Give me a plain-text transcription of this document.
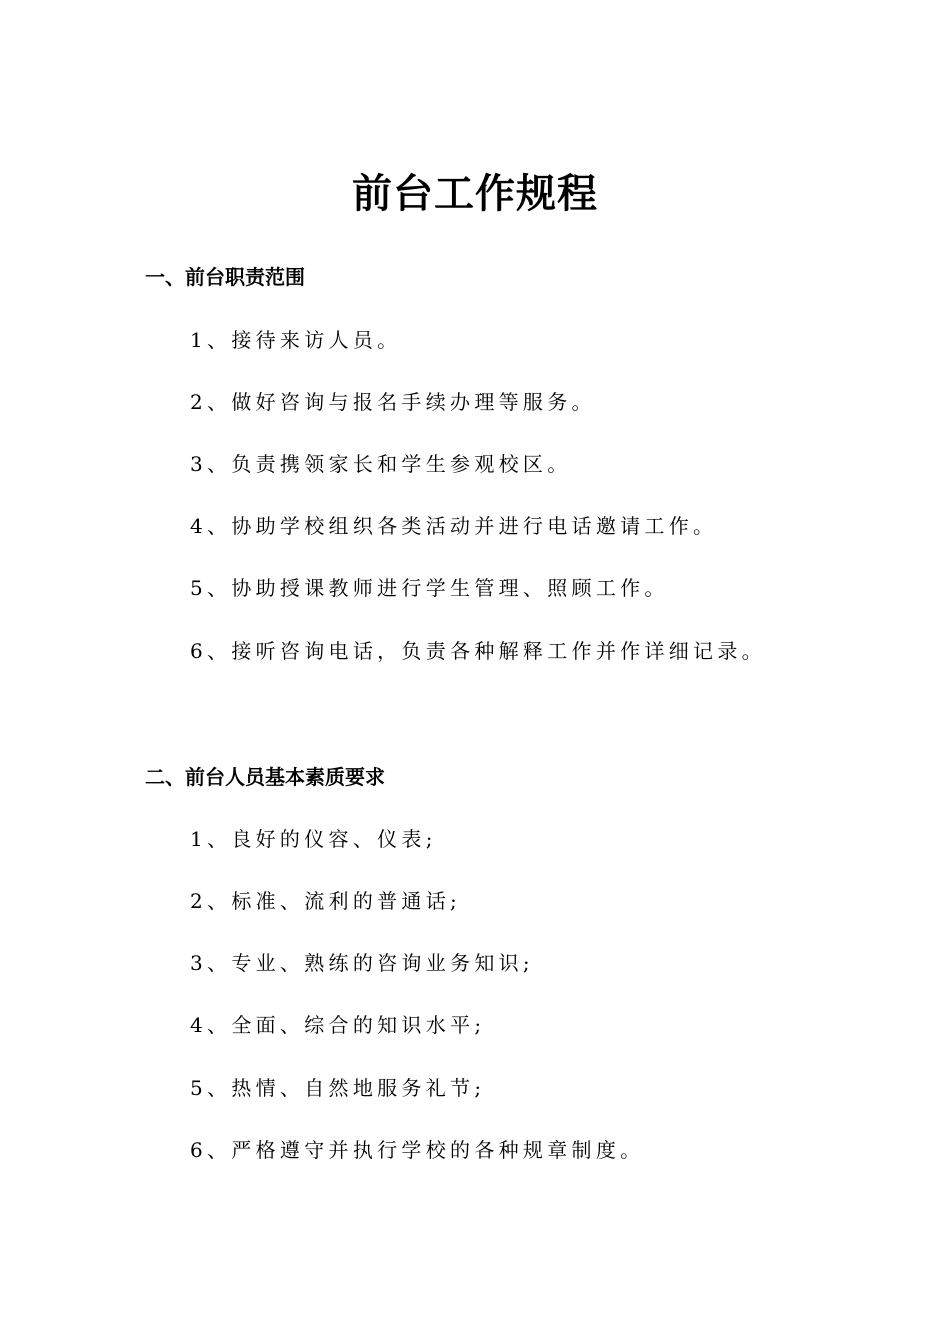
前台工作规程
一、前台职责范围
1、接待来访人员。
2、做好咨询与报名手续办理等服务。
3、负责携领家长和学生参观校区。
4、协助学校组织各类活动并进行电话邀请工作。
5、协助授课教师进行学生管理、照顾工作。
6、接听咨询电话，负责各种解释工作并作详细记录。
二、前台人员基本素质要求
1、良好的仪容、仪表;
2、标准、流利的普通话;
3、专业、熟练的咨询业务知识;
4、全面、综合的知识水平;
5、热情、自然地服务礼节;
6、严格遵守并执行学校的各种规章制度。
